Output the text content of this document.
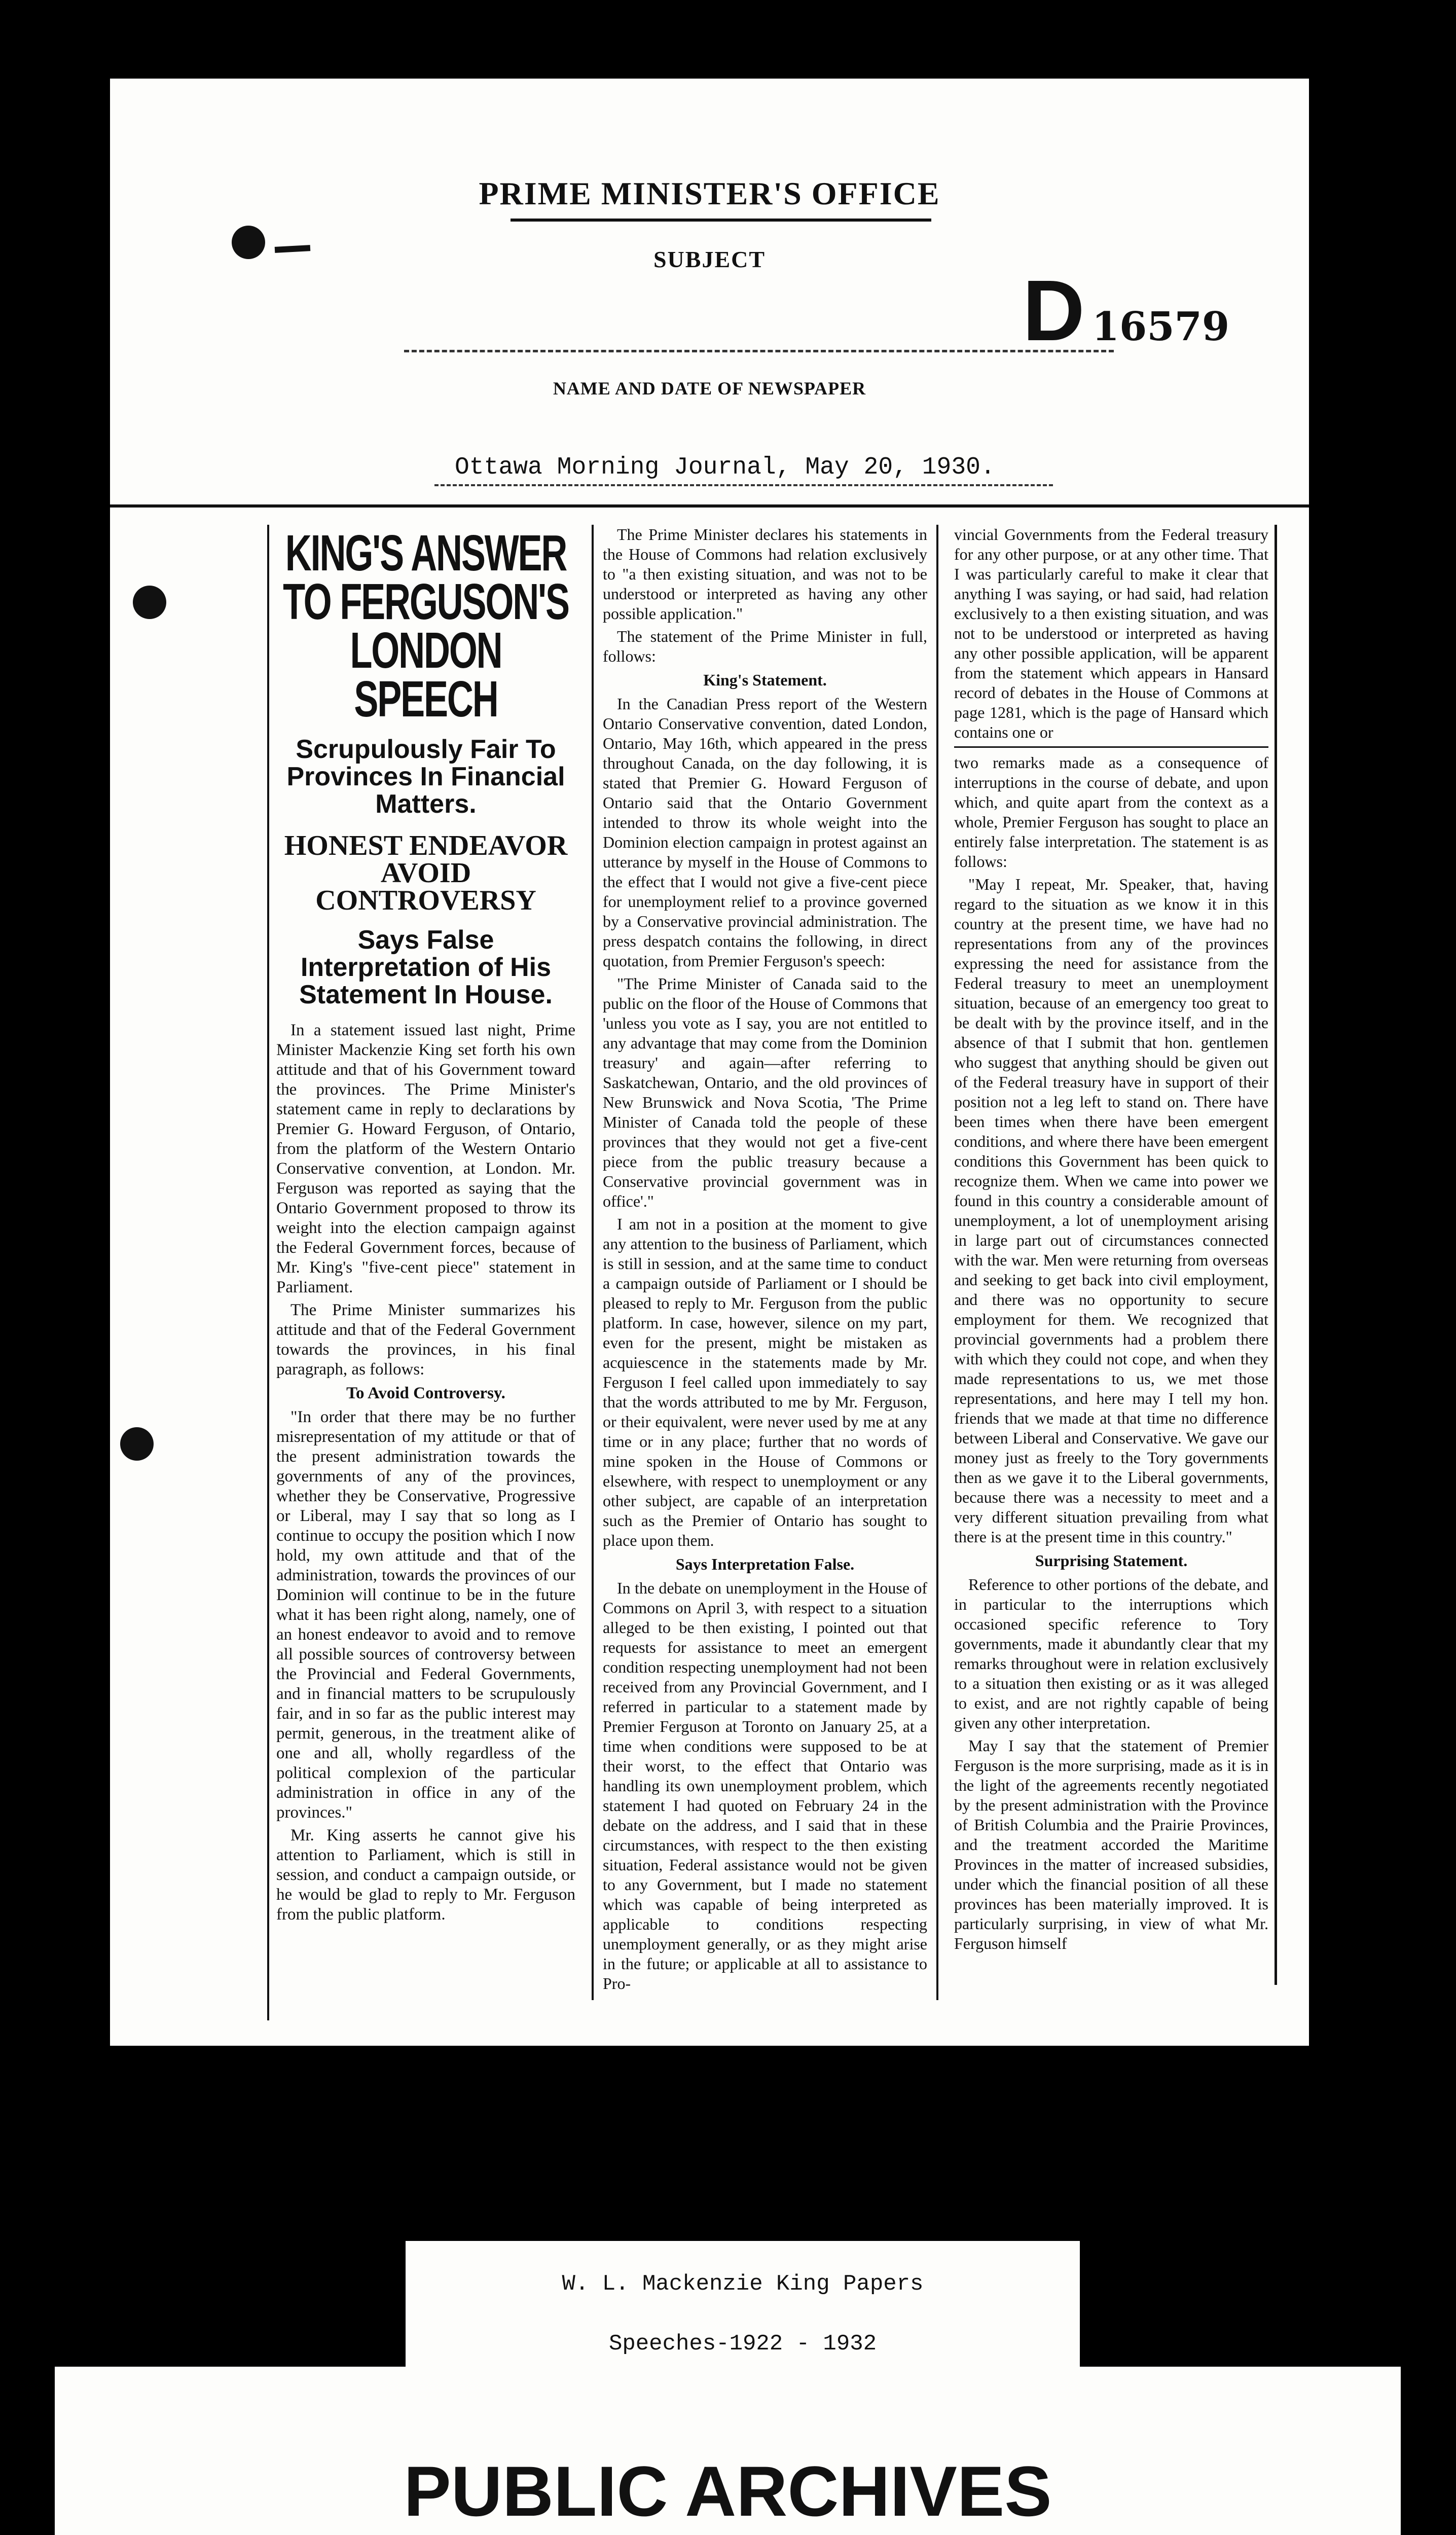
PRIME MINISTER'S OFFICE
SUBJECT
D 16579
NAME AND DATE OF NEWSPAPER
Ottawa Morning Journal, May 20, 1930.
KING'S ANSWER TO FERGUSON'S LONDON SPEECH
Scrupulously Fair To Provinces In Financial Matters.
HONEST ENDEAVOR AVOID CONTROVERSY
Says False Interpretation of His Statement In House.

In a statement issued last night, Prime Minister Mackenzie King set forth his own attitude and that of his Government toward the provinces. The Prime Minister's statement came in reply to declarations by Premier G. Howard Ferguson, of Ontario, from the platform of the Western Ontario Conservative convention, at London. Mr. Ferguson was reported as saying that the Ontario Government proposed to throw its weight into the election campaign against the Federal Government forces, because of Mr. King's "five-cent piece" statement in Parliament.

The Prime Minister summarizes his attitude and that of the Federal Government towards the provinces, in his final paragraph, as follows:

To Avoid Controversy.

"In order that there may be no further misrepresentation of my attitude or that of the present administration towards the governments of any of the provinces, whether they be Conservative, Progressive or Liberal, may I say that so long as I continue to occupy the position which I now hold, my own attitude and that of the administration, towards the provinces of our Dominion will continue to be in the future what it has been right along, namely, one of an honest endeavor to avoid and to remove all possible sources of controversy between the Provincial and Federal Governments, and in financial matters to be scrupulously fair, and in so far as the public interest may permit, generous, in the treatment alike of one and all, wholly regardless of the political complexion of the particular administration in office in any of the provinces."

Mr. King asserts he cannot give his attention to Parliament, which is still in session, and conduct a campaign outside, or he would be glad to reply to Mr. Ferguson from the public platform.

The Prime Minister declares his statements in the House of Commons had relation exclusively to "a then existing situation, and was not to be understood or interpreted as having any other possible application."

The statement of the Prime Minister in full, follows:

King's Statement.

In the Canadian Press report of the Western Ontario Conservative convention, dated London, Ontario, May 16th, which appeared in the press throughout Canada, on the day following, it is stated that Premier G. Howard Ferguson of Ontario said that the Ontario Government intended to throw its whole weight into the Dominion election campaign in protest against an utterance by myself in the House of Commons to the effect that I would not give a five-cent piece for unemployment relief to a province governed by a Conservative provincial administration. The press despatch contains the following, in direct quotation, from Premier Ferguson's speech:

"The Prime Minister of Canada said to the public on the floor of the House of Commons that 'unless you vote as I say, you are not entitled to any advantage that may come from the Dominion treasury' and again—after referring to Saskatchewan, Ontario, and the old provinces of New Brunswick and Nova Scotia, 'The Prime Minister of Canada told the people of these provinces that they would not get a five-cent piece from the public treasury because a Conservative provincial government was in office'."

I am not in a position at the moment to give any attention to the business of Parliament, which is still in session, and at the same time to conduct a campaign outside of Parliament or I should be pleased to reply to Mr. Ferguson from the public platform. In case, however, silence on my part, even for the present, might be mistaken as acquiescence in the statements made by Mr. Ferguson I feel called upon immediately to say that the words attributed to me by Mr. Ferguson, or their equivalent, were never used by me at any time or in any place; further that no words of mine spoken in the House of Commons or elsewhere, with respect to unemployment or any other subject, are capable of an interpretation such as the Premier of Ontario has sought to place upon them.

Says Interpretation False.

In the debate on unemployment in the House of Commons on April 3, with respect to a situation alleged to be then existing, I pointed out that requests for assistance to meet an emergent condition respecting unemployment had not been received from any Provincial Government, and I referred in particular to a statement made by Premier Ferguson at Toronto on January 25, at a time when conditions were supposed to be at their worst, to the effect that Ontario was handling its own unemployment problem, which statement I had quoted on February 24 in the debate on the address, and I said that in these circumstances, with respect to the then existing situation, Federal assistance would not be given to any Government, but I made no statement which was capable of being interpreted as applicable to conditions respecting unemployment generally, or as they might arise in the future; or applicable at all to assistance to Pro-

vincial Governments from the Federal treasury for any other purpose, or at any other time. That I was particularly careful to make it clear that anything I was saying, or had said, had relation exclusively to a then existing situation, and was not to be understood or interpreted as having any other possible application, will be apparent from the statement which appears in Hansard record of debates in the House of Commons at page 1281, which is the page of Hansard which contains one or

two remarks made as a consequence of interruptions in the course of debate, and upon which, and quite apart from the context as a whole, Premier Ferguson has sought to place an entirely false interpretation. The statement is as follows:

"May I repeat, Mr. Speaker, that, having regard to the situation as we know it in this country at the present time, we have had no representations from any of the provinces expressing the need for assistance from the Federal treasury to meet an unemployment situation, because of an emergency too great to be dealt with by the province itself, and in the absence of that I submit that hon. gentlemen who suggest that anything should be given out of the Federal treasury have in support of their position not a leg left to stand on. There have been times when there have been emergent conditions, and where there have been emergent conditions this Government has been quick to recognize them. When we came into power we found in this country a considerable amount of unemployment, a lot of unemployment arising in large part out of circumstances connected with the war. Men were returning from overseas and seeking to get back into civil employment, and there was no opportunity to secure employment for them. We recognized that provincial governments had a problem there with which they could not cope, and when they made representations to us, we met those representations, and here may I tell my hon. friends that we made at that time no difference between Liberal and Conservative. We gave our money just as freely to the Tory governments then as we gave it to the Liberal governments, because there was a necessity to meet and a very different situation prevailing from what there is at the present time in this country."

Surprising Statement.

Reference to other portions of the debate, and in particular to the interruptions which occasioned specific reference to Tory governments, made it abundantly clear that my remarks throughout were in relation exclusively to a situation then existing or as it was alleged to exist, and are not rightly capable of being given any other interpretation.

May I say that the statement of Premier Ferguson is the more surprising, made as it is in the light of the agreements recently negotiated by the present administration with the Province of British Columbia and the Prairie Provinces, and the treatment accorded the Maritime Provinces in the matter of increased subsidies, under which the financial position of all these provinces has been materially improved. It is particularly surprising, in view of what Mr. Ferguson himself

W. L. Mackenzie King Papers
Speeches-1922 - 1932
PUBLIC ARCHIVES
